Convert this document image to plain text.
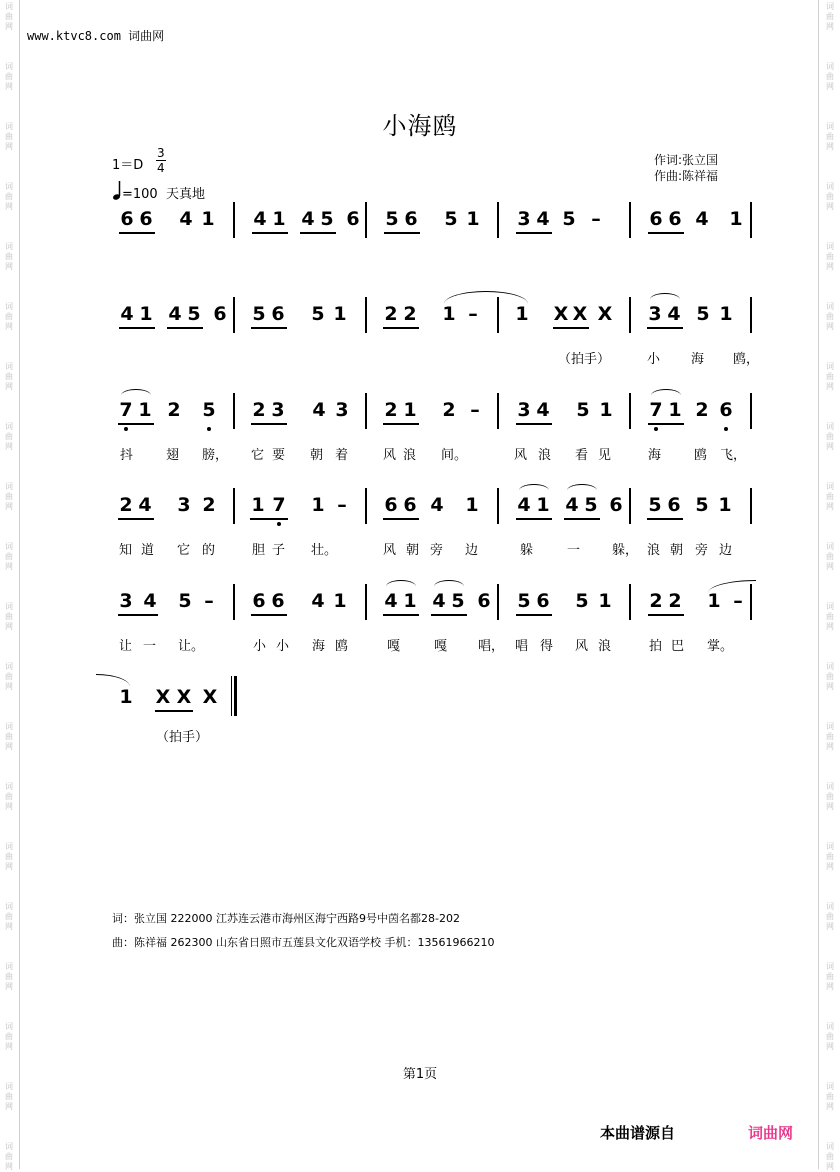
词
曲
网
词
曲
网
词
曲
网
词
曲
网
词
曲
网
词
曲
网
词
曲
网
词
曲
网
词
曲
网
词
曲
网
词
曲
网
词
曲
网
词
曲
网
词
曲
网
词
曲
网
词
曲
网
词
曲
网
词
曲
网
词
曲
网
词
曲
网
词
曲
网
词
曲
网
词
曲
网
词
曲
网
词
曲
网
词
曲
网
词
曲
网
词
曲
网
词
曲
网
词
曲
网
词
曲
网
词
曲
网
词
曲
网
词
曲
网
词
曲
网
词
曲
网
词
曲
网
词
曲
网
词
曲
网
词
曲
网
www.ktvc8.com 词曲网
小海鸥
1＝D
3
4
=100 天真地
作词:张立国
作曲:陈祥福
6 6 4 1 4 1 4 5 6 5 6 5 1 3 4 5 –	6 6 4 1
4 1 4 5 6 5 6 5 1 2 2 1 – 1 X X X 3 4 5 1
（拍手）	小 海 鸥，
7 1 2 5 2 3 4 3 2 1 2 – 3 4 5 1 7 1 2 6
抖	翅 膀， 它 要 朝 着	风 浪 间。	风 浪 看 见	海	鸥 飞，
2 4 3 2 1 7 1 – 6 6 4 1 4 1 4 5 6 5 6 5 1
知 道 它 的	胆 子 壮。	风 朝 旁 边	躲	一 躲， 浪 朝 旁 边
3 4 5 – 6 6 4 1 4 1 4 5 6 5 6 5 1 2 2 1 –
让 一 让。	小 小 海 鸥	嘎	嘎 唱， 唱 得 风 浪	拍 巴 掌。
1 X X X
（拍手）
词：张立国 222000 江苏连云港市海州区海宁西路9号中茵名都28-202
曲：陈祥福 262300 山东省日照市五莲县文化双语学校 手机：13561966210
第1页
本曲谱源自	词曲网
